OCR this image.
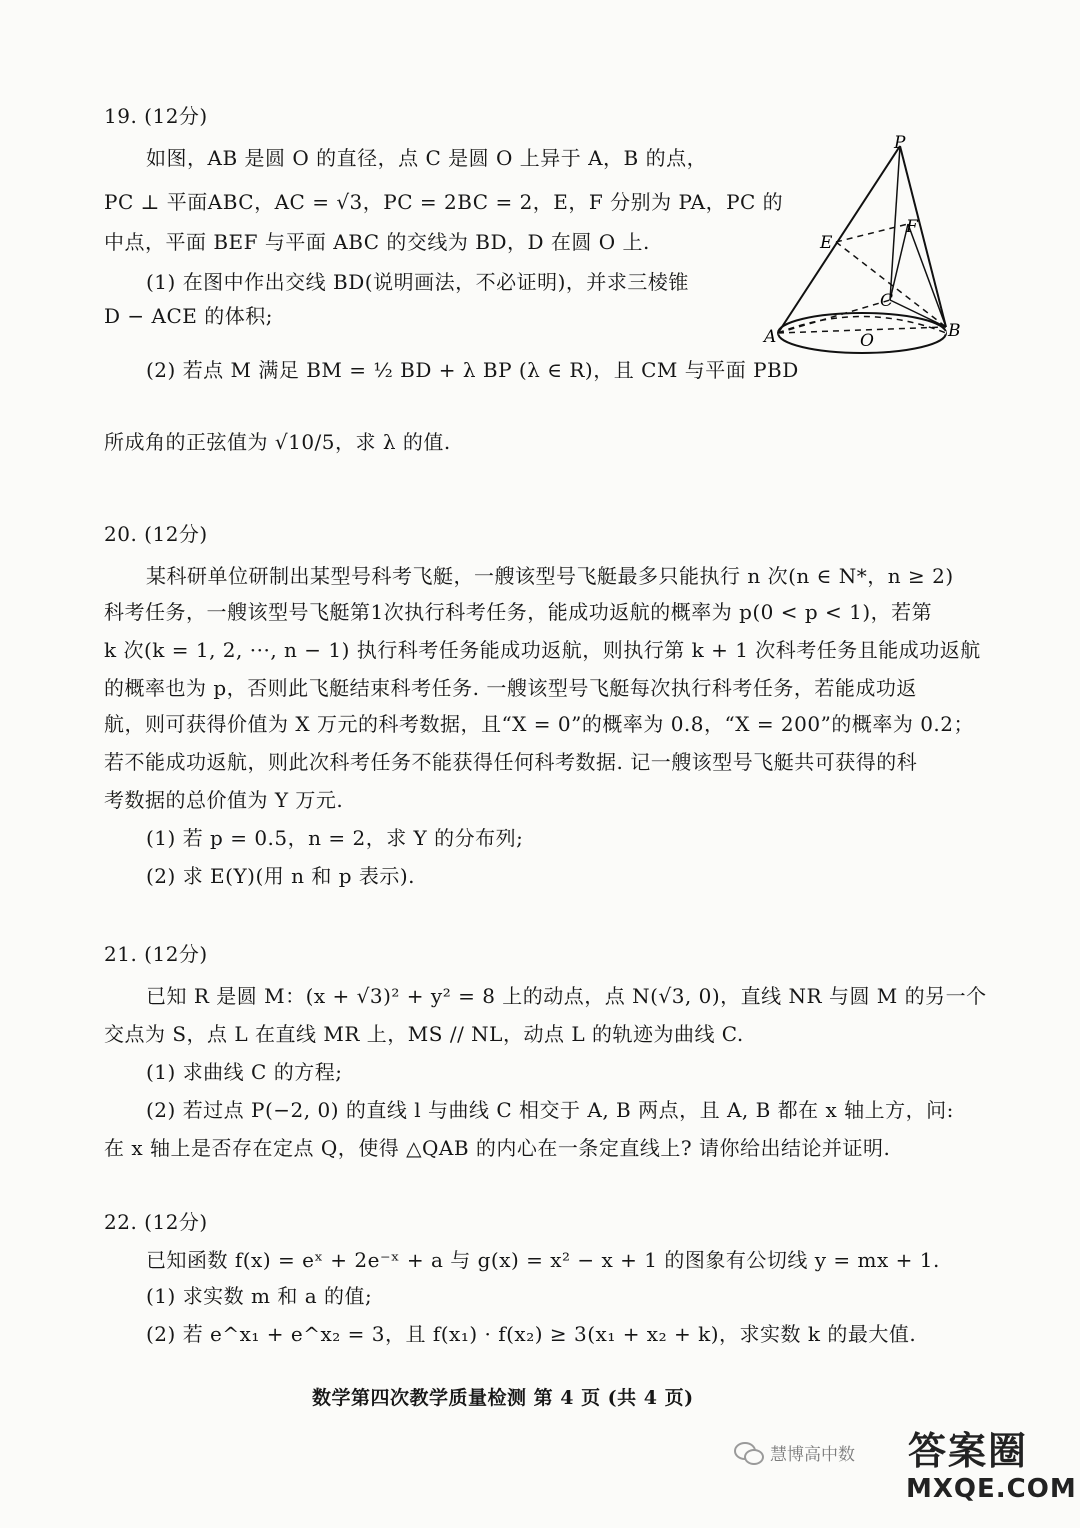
19. (12分)
如图，AB 是圆 O 的直径，点 C 是圆 O 上异于 A，B 的点，
PC ⊥ 平面ABC，AC = √3，PC = 2BC = 2，E，F 分别为 PA，PC 的
中点，平面 BEF 与平面 ABC 的交线为 BD，D 在圆 O 上.
(1) 在图中作出交线 BD(说明画法，不必证明)，并求三棱锥
D − ACE 的体积;
(2) 若点 M 满足 BM = ½ BD + λ BP (λ ∈ R)，且 CM 与平面 PBD
所成角的正弦值为 √10/5，求 λ 的值.
P
E
F
C
A	B
O
20. (12分)
某科研单位研制出某型号科考飞艇，一艘该型号飞艇最多只能执行 n 次(n ∈ N*，n ≥ 2)
科考任务，一艘该型号飞艇第1次执行科考任务，能成功返航的概率为 p(0 < p < 1)，若第
k 次(k = 1, 2, ···, n − 1) 执行科考任务能成功返航，则执行第 k + 1 次科考任务且能成功返航
的概率也为 p，否则此飞艇结束科考任务. 一艘该型号飞艇每次执行科考任务，若能成功返
航，则可获得价值为 X 万元的科考数据，且“X = 0”的概率为 0.8，“X = 200”的概率为 0.2；
若不能成功返航，则此次科考任务不能获得任何科考数据. 记一艘该型号飞艇共可获得的科
考数据的总价值为 Y 万元.
(1) 若 p = 0.5，n = 2，求 Y 的分布列;
(2) 求 E(Y)(用 n 和 p 表示).
21. (12分)
已知 R 是圆 M：(x + √3)² + y² = 8 上的动点，点 N(√3, 0)，直线 NR 与圆 M 的另一个
交点为 S，点 L 在直线 MR 上，MS // NL，动点 L 的轨迹为曲线 C.
(1) 求曲线 C 的方程;
(2) 若过点 P(−2, 0) 的直线 l 与曲线 C 相交于 A, B 两点，且 A, B 都在 x 轴上方，问:
在 x 轴上是否存在定点 Q，使得 △QAB 的内心在一条定直线上? 请你给出结论并证明.
22. (12分)
已知函数 f(x) = eˣ + 2e⁻ˣ + a 与 g(x) = x² − x + 1 的图象有公切线 y = mx + 1.
(1) 求实数 m 和 a 的值;
(2) 若 e^x₁ + e^x₂ = 3，且 f(x₁) · f(x₂) ≥ 3(x₁ + x₂ + k)，求实数 k 的最大值.
数学第四次教学质量检测 第 4 页 (共 4 页)
慧博高中数 答案圈
MXQE.COM
